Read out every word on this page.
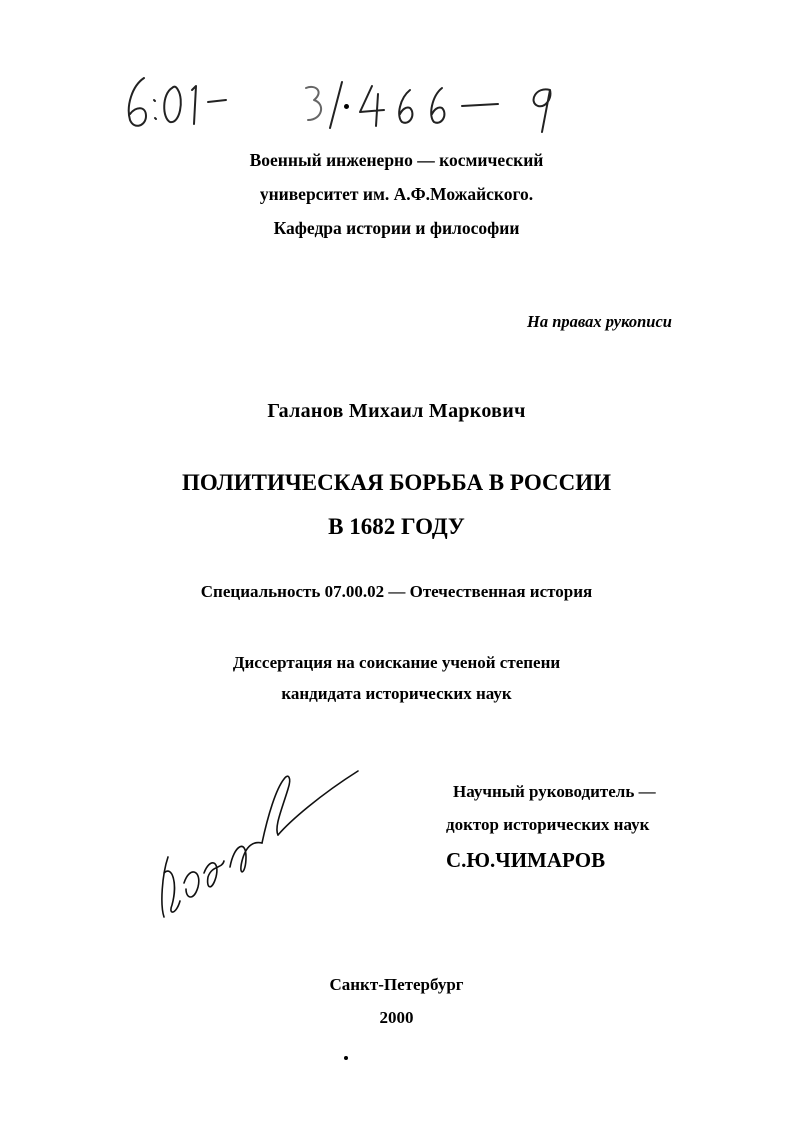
Военный инженерно — космический
университет им. А.Ф.Можайского.
Кафедра истории и философии
На правах рукописи
Галанов Михаил Маркович
ПОЛИТИЧЕСКАЯ БОРЬБА В РОССИИ
В 1682 ГОДУ
Специальность 07.00.02 — Отечественная история
Диссертация на соискание ученой степени
кандидата исторических наук
Научный руководитель —
доктор исторических наук
С.Ю.ЧИМАРОВ
Санкт-Петербург
2000
